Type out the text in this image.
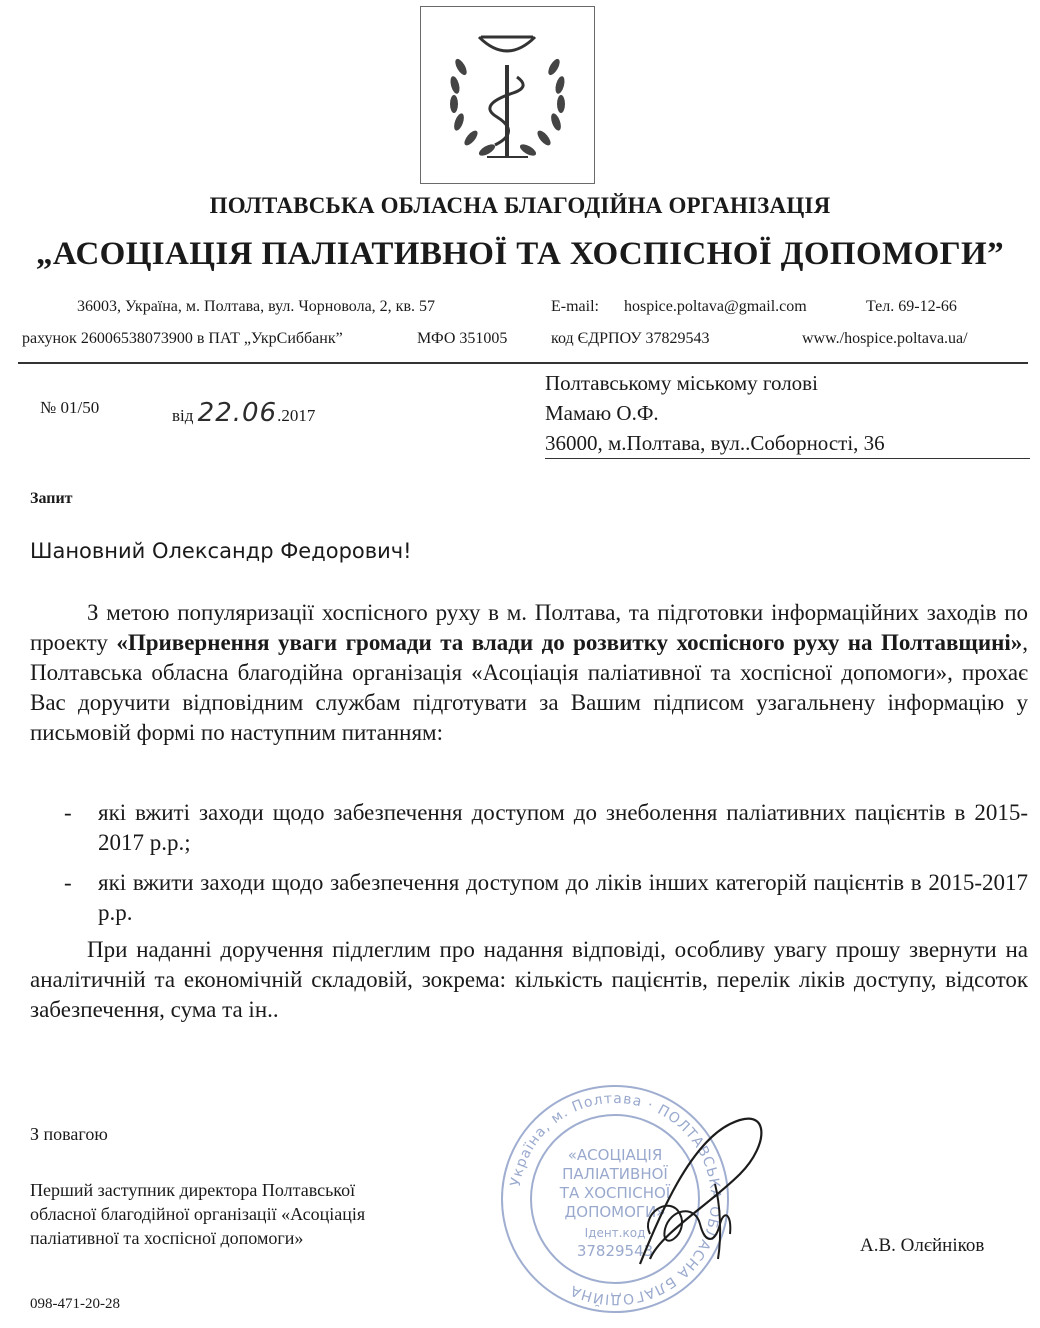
ПОЛТАВСЬКА ОБЛАСНА БЛАГОДІЙНА ОРГАНІЗАЦІЯ
„АСОЦІАЦІЯ ПАЛІАТИВНОЇ ТА ХОСПІСНОЇ ДОПОМОГИ”
36003, Україна, м. Полтава, вул. Чорновола, 2, кв. 57	E-mail: hospice.poltava@gmail.com	Тел. 69-12-66
рахунок 26006538073900 в ПАТ „УкрСиббанк”	МФО 351005	код ЄДРПОУ 37829543	www./hospice.poltava.ua/
№ 01/50	від 22.06.2017
Полтавському міському голові
Мамаю О.Ф.
36000, м.Полтава, вул..Соборності, 36
Запит
Шановний Олександр Федорович!
З метою популяризації хоспісного руху в м. Полтава, та підготовки інформаційних заходів по проекту «Привернення уваги громади та влади до розвитку хоспісного руху на Полтавщині», Полтавська обласна благодійна організація «Асоціація паліативної та хоспісної допомоги», прохає Вас доручити відповідним службам підготувати за Вашим підписом узагальнену інформацію у письмовій формі по наступним питанням:
- які вжиті заходи щодо забезпечення доступом до знеболення паліативних пацієнтів в 2015-2017 р.р.;
- які вжити заходи щодо забезпечення доступом до ліків інших категорій пацієнтів в 2015-2017 р.р.
При наданні доручення підлеглим про надання відповіді, особливу увагу прошу звернути на аналітичній та економічній складовій, зокрема: кількість пацієнтів, перелік ліків доступу, відсоток забезпечення, сума та ін..
З повагою
Перший заступник директора Полтавської
обласної благодійної організації «Асоціація
паліативної та хоспісної допомоги»	А.В. Олєйніков
098-471-20-28
Україна, м. Полтава · ПОЛТАВСЬКА ОБЛАСНА БЛАГОДІЙНА
«АСОЦІАЦІЯ
ПАЛІАТИВНОЇ
ТА ХОСПІСНОЇ
ДОПОМОГИ»
Ідент.код
37829543
